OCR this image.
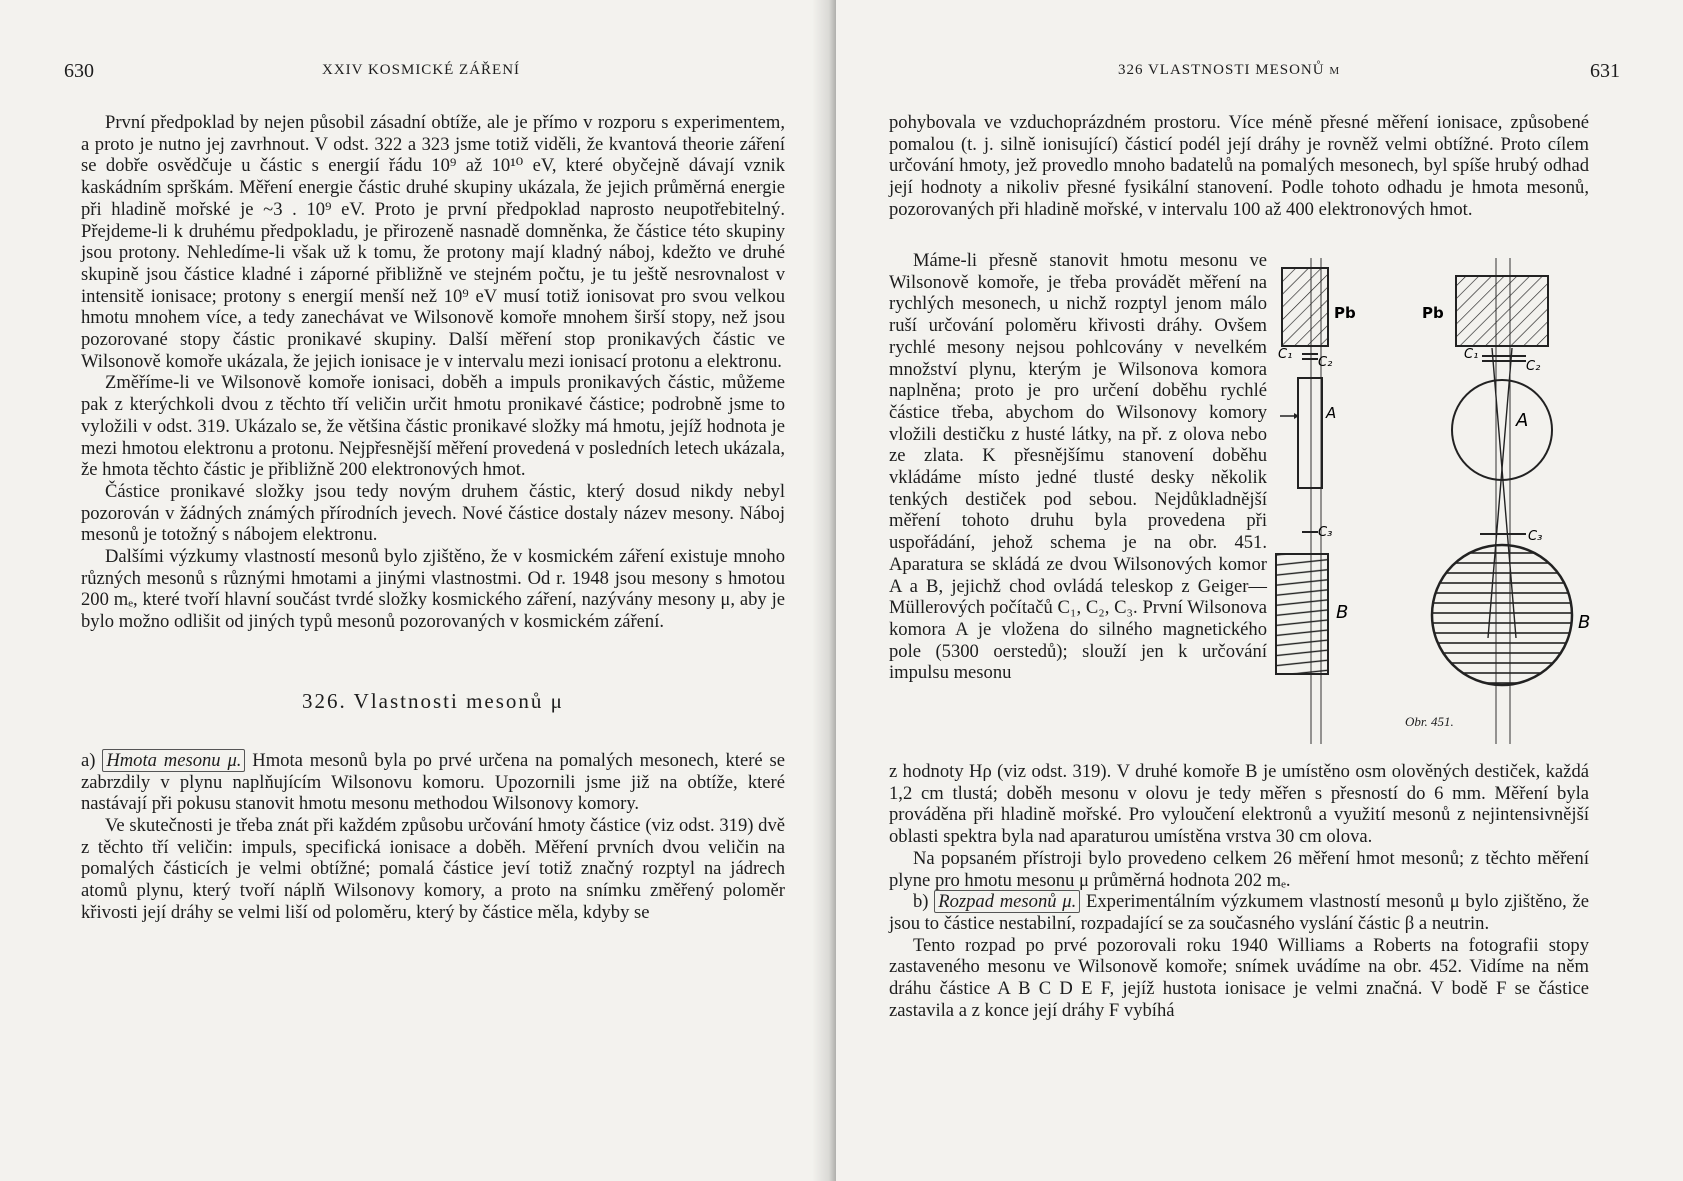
630	XXIV KOSMICKÉ ZÁŘENÍ

První předpoklad by nejen působil zásadní obtíže, ale je přímo v rozporu s experimentem, a proto je nutno jej zavrhnout. V odst. 322 a 323 jsme totiž viděli, že kvantová theorie záření se dobře osvědčuje u částic s energií řádu 10⁹ až 10¹⁰ eV, které obyčejně dávají vznik kaskádním sprškám. Měření energie částic druhé skupiny ukázala, že jejich průměrná energie při hladině mořské je ~3 . 10⁹ eV. Proto je první předpoklad naprosto neupotřebitelný. Přejdeme-li k druhému předpokladu, je přirozeně nasnadě domněnka, že částice této skupiny jsou protony. Nehledíme-li však už k tomu, že protony mají kladný náboj, kdežto ve druhé skupině jsou částice kladné i záporné přibližně ve stejném počtu, je tu ještě nesrovnalost v intensitě ionisace; protony s energií menší než 10⁹ eV musí totiž ionisovat pro svou velkou hmotu mnohem více, a tedy zanechávat ve Wilsonově komoře mnohem širší stopy, než jsou pozorované stopy částic pronikavé skupiny. Další měření stop pronikavých částic ve Wilsonově komoře ukázala, že jejich ionisace je v intervalu mezi ionisací protonu a elektronu.

Změříme-li ve Wilsonově komoře ionisaci, doběh a impuls pronikavých částic, můžeme pak z kterýchkoli dvou z těchto tří veličin určit hmotu pronikavé částice; podrobně jsme to vyložili v odst. 319. Ukázalo se, že většina částic pronikavé složky má hmotu, jejíž hodnota je mezi hmotou elektronu a protonu. Nejpřesnější měření provedená v posledních letech ukázala, že hmota těchto částic je přibližně 200 elektronových hmot.

Částice pronikavé složky jsou tedy novým druhem částic, který dosud nikdy nebyl pozorován v žádných známých přírodních jevech. Nové částice dostaly název mesony. Náboj mesonů je totožný s nábojem elektronu.

Dalšími výzkumy vlastností mesonů bylo zjištěno, že v kosmickém záření existuje mnoho různých mesonů s různými hmotami a jinými vlastnostmi. Od r. 1948 jsou mesony s hmotou 200 mₑ, které tvoří hlavní součást tvrdé složky kosmického záření, nazývány mesony μ, aby je bylo možno odlišit od jiných typů mesonů pozorovaných v kosmickém záření.

326. Vlastnosti mesonů μ

a) Hmota mesonu μ. Hmota mesonů byla po prvé určena na pomalých mesonech, které se zabrzdily v plynu naplňujícím Wilsonovu komoru. Upozornili jsme již na obtíže, které nastávají při pokusu stanovit hmotu mesonu methodou Wilsonovy komory.

Ve skutečnosti je třeba znát při každém způsobu určování hmoty částice (viz odst. 319) dvě z těchto tří veličin: impuls, specifická ionisace a doběh. Měření prvních dvou veličin na pomalých částicích je velmi obtížné; pomalá částice jeví totiž značný rozptyl na jádrech atomů plynu, který tvoří náplň Wilsonovy komory, a proto na snímku změřený poloměr křivosti její dráhy se velmi liší od poloměru, který by částice měla, kdyby se

326 VLASTNOSTI MESONŮ μ	631

pohybovala ve vzduchoprázdném prostoru. Více méně přesné měření ionisace, způsobené pomalou (t. j. silně ionisující) částicí podél její dráhy je rovněž velmi obtížné. Proto cílem určování hmoty, jež provedlo mnoho badatelů na pomalých mesonech, byl spíše hrubý odhad její hodnoty a nikoliv přesné fysikální stanovení. Podle tohoto odhadu je hmota mesonů, pozorovaných při hladině mořské, v intervalu 100 až 400 elektronových hmot.

Máme-li přesně stanovit hmotu mesonu ve Wilsonově komoře, je třeba provádět měření na rychlých mesonech, u nichž rozptyl jenom málo ruší určování poloměru křivosti dráhy. Ovšem rychlé mesony nejsou pohlcovány v nevelkém množství plynu, kterým je Wilsonova komora naplněna; proto je pro určení doběhu rychlé částice třeba, abychom do Wilsonovy komory vložili destičku z husté látky, na př. z olova nebo ze zlata. K přesnějšímu stanovení doběhu vkládáme místo jedné tlusté desky několik tenkých destiček pod sebou. Nejdůkladnější měření tohoto druhu byla provedena při uspořádání, jehož schema je na obr. 451. Aparatura se skládá ze dvou Wilsonových komor A a B, jejichž chod ovládá teleskop z Geiger—Müllerových počítačů C₁, C₂, C₃. První Wilsonova komora A je vložena do silného magnetického pole (5300 oerstedů); slouží jen k určování impulsu mesonu

z hodnoty Hρ (viz odst. 319). V druhé komoře B je umístěno osm olověných destiček, každá 1,2 cm tlustá; doběh mesonu v olovu je tedy měřen s přesností do 6 mm. Měření byla prováděna při hladině mořské. Pro vyloučení elektronů a využití mesonů z nejintensivnější oblasti spektra byla nad aparaturou umístěna vrstva 30 cm olova.

Na popsaném přístroji bylo provedeno celkem 26 měření hmot mesonů; z těchto měření plyne pro hmotu mesonu μ průměrná hodnota 202 mₑ.

b) Rozpad mesonů μ. Experimentálním výzkumem vlastností mesonů μ bylo zjištěno, že jsou to částice nestabilní, rozpadající se za současného vyslání částic β a neutrin.

Tento rozpad po prvé pozorovali roku 1940 Williams a Roberts na fotografii stopy zastaveného mesonu ve Wilsonově komoře; snímek uvádíme na obr. 452. Vidíme na něm dráhu částice A B C D E F, jejíž hustota ionisace je velmi značná. V bodě F se částice zastavila a z konce její dráhy F vybíhá

Pb
C₁
C₂
A
C₃
B
Pb
C₁
C₂
A
C₃
B
Obr. 451.
